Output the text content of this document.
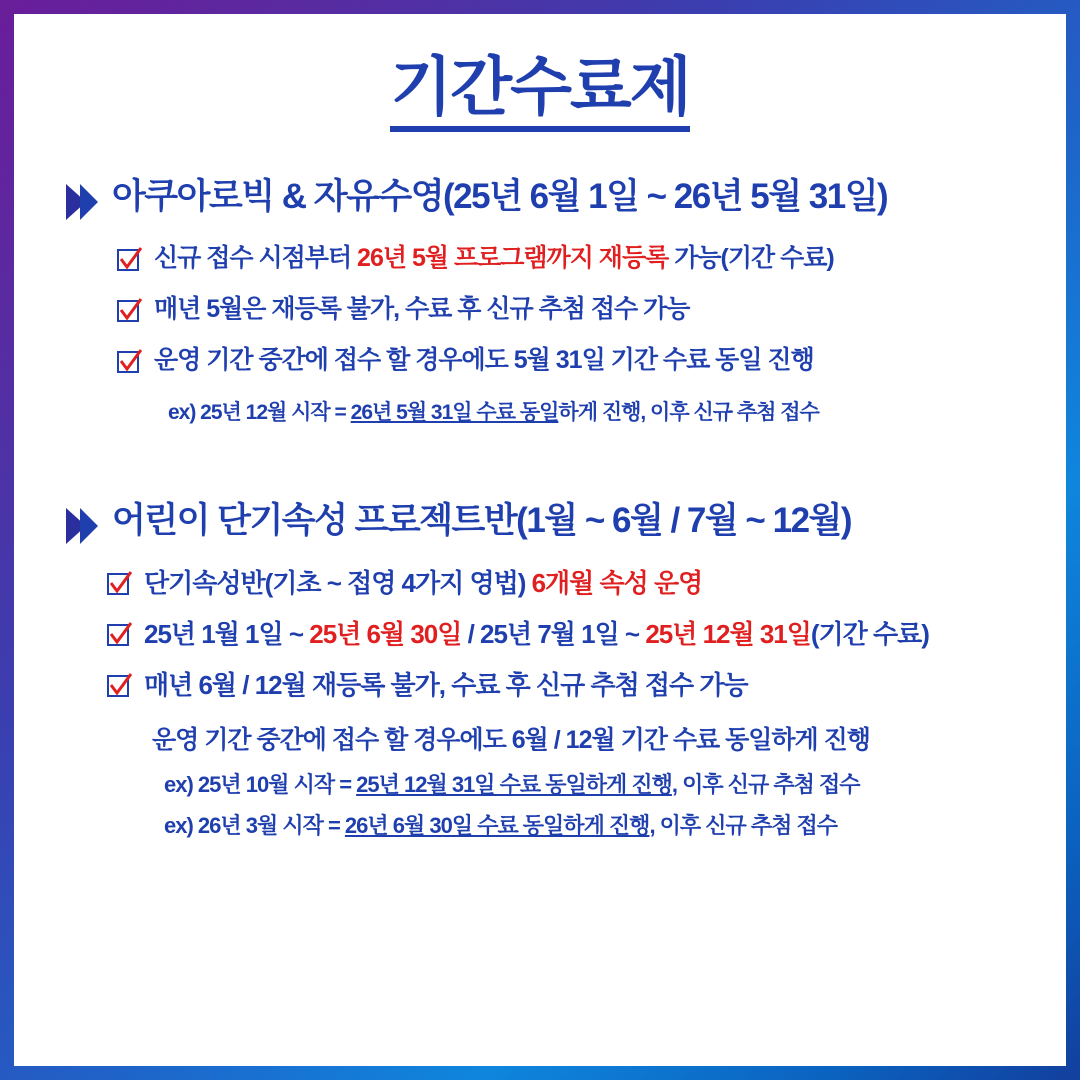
기간수료제
아쿠아로빅 & 자유수영(25년 6월 1일 ~ 26년 5월 31일)
신규 접수 시점부터 26년 5월 프로그램까지 재등록 가능(기간 수료)
매년 5월은 재등록 불가, 수료 후 신규 추첨 접수 가능
운영 기간 중간에 접수 할 경우에도 5월 31일 기간 수료 동일 진행
ex) 25년 12월 시작 = 26년 5월 31일 수료 동일하게 진행, 이후 신규 추첨 접수
어린이 단기속성 프로젝트반(1월 ~ 6월 / 7월 ~ 12월)
단기속성반(기초 ~ 접영 4가지 영법) 6개월 속성 운영
25년 1월 1일 ~ 25년 6월 30일 / 25년 7월 1일 ~ 25년 12월 31일(기간 수료)
매년 6월 / 12월 재등록 불가, 수료 후 신규 추첨 접수 가능
운영 기간 중간에 접수 할 경우에도 6월 / 12월 기간 수료 동일하게 진행
ex) 25년 10월 시작 = 25년 12월 31일 수료 동일하게 진행, 이후 신규 추첨 접수
ex) 26년 3월 시작 = 26년 6월 30일 수료 동일하게 진행, 이후 신규 추첨 접수
